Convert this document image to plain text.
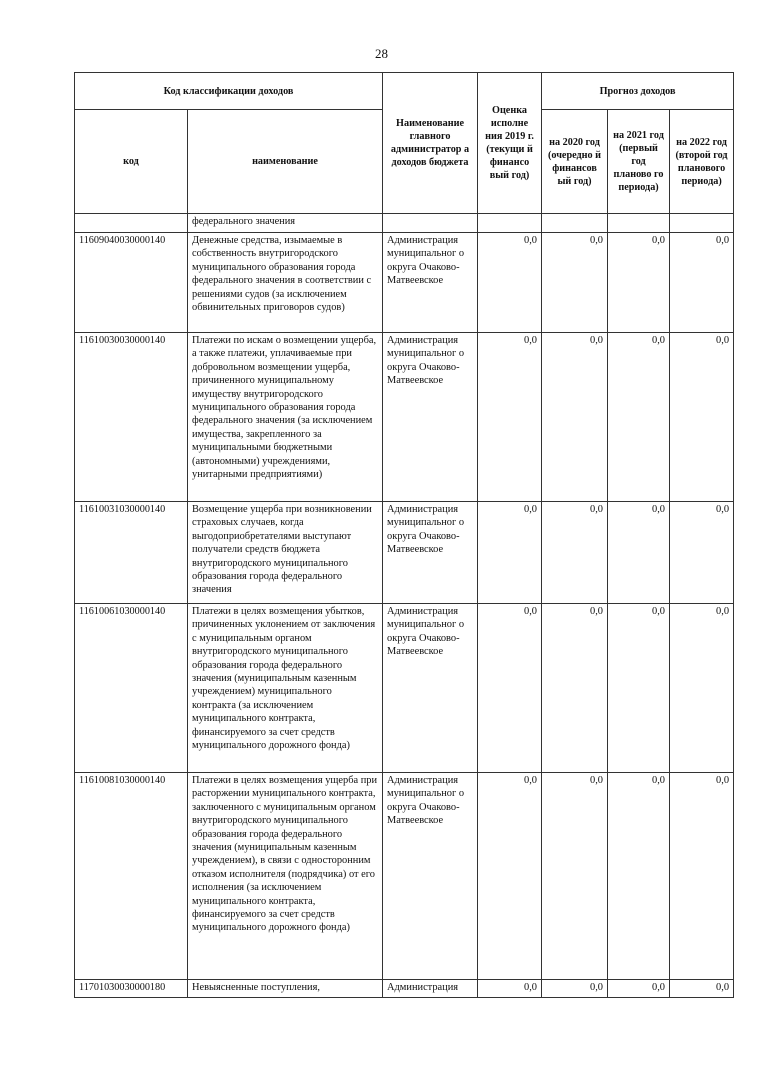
28
Код классификации доходов		Наименование главного администратор а доходов бюджета	Оценка исполне ния 2019 г. (текущи й финансо вый год)	Прогноз доходов		
код	наименование			на 2020 год (очередно й финансов ый год)	на 2021 год (первый год планово го периода)	на 2022 год (второй год планового периода)
	федерального значения					
11609040030000140	Денежные средства, изымаемые в собственность внутригородского муниципального образования города федерального значения в соответствии с решениями судов (за исключением обвинительных приговоров судов)	Администрация муниципальног о округа Очаково-Матвеевское	0,0	0,0	0,0	0,0
11610030030000140	Платежи по искам о возмещении ущерба, а также платежи, уплачиваемые при добровольном возмещении ущерба, причиненного муниципальному имуществу внутригородского муниципального образования города федерального значения (за исключением имущества, закрепленного за муниципальными бюджетными (автономными) учреждениями, унитарными предприятиями)	Администрация муниципальног о округа Очаково-Матвеевское	0,0	0,0	0,0	0,0
11610031030000140	Возмещение ущерба при возникновении страховых случаев, когда выгодоприобретателями выступают получатели средств бюджета внутригородского муниципального образования города федерального значения	Администрация муниципальног о округа Очаково-Матвеевское	0,0	0,0	0,0	0,0
11610061030000140	Платежи в целях возмещения убытков, причиненных уклонением от заключения с муниципальным органом внутригородского муниципального образования города федерального значения (муниципальным казенным учреждением) муниципального контракта (за исключением муниципального контракта, финансируемого за счет средств муниципального дорожного фонда)	Администрация муниципальног о округа Очаково-Матвеевское	0,0	0,0	0,0	0,0
11610081030000140	Платежи в целях возмещения ущерба при расторжении муниципального контракта, заключенного с муниципальным органом внутригородского муниципального образования города федерального значения (муниципальным казенным учреждением), в связи с односторонним отказом исполнителя (подрядчика) от его исполнения (за исключением муниципального контракта, финансируемого за счет средств муниципального дорожного фонда)	Администрация муниципальног о округа Очаково-Матвеевское	0,0	0,0	0,0	0,0
11701030030000180	Невыясненные поступления,	Администрация	0,0	0,0	0,0	0,0
